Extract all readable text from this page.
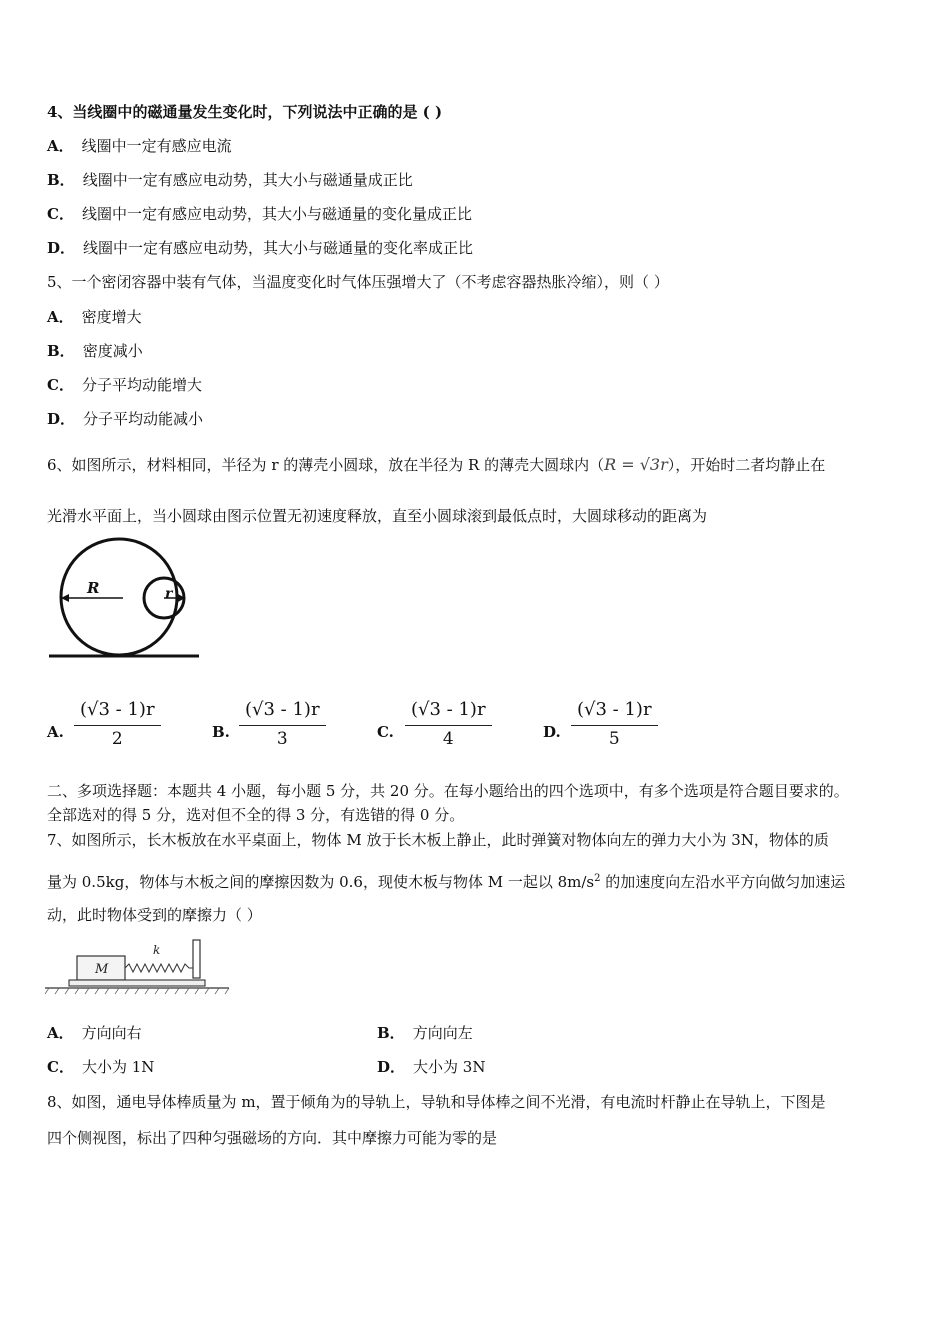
4、当线圈中的磁通量发生变化时，下列说法中正确的是 ( )
A． 线圈中一定有感应电流
B． 线圈中一定有感应电动势，其大小与磁通量成正比
C． 线圈中一定有感应电动势，其大小与磁通量的变化量成正比
D． 线圈中一定有感应电动势，其大小与磁通量的变化率成正比
5、一个密闭容器中装有气体，当温度变化时气体压强增大了（不考虑容器热胀冷缩），则（ ）
A． 密度增大
B． 密度减小
C． 分子平均动能增大
D． 分子平均动能减小
6、如图所示，材料相同，半径为 r 的薄壳小圆球，放在半径为 R 的薄壳大圆球内（R = √3r），开始时二者均静止在
光滑水平面上，当小圆球由图示位置无初速度释放，直至小圆球滚到最低点时，大圆球移动的距离为
R	r
A. $\frac{(√3 - 1)r}{2}$	B. $\frac{(√3 - 1)r}{3}$	C. $\frac{(√3 - 1)r}{4}$	D. $\frac{(√3 - 1)r}{5}$
二、多项选择题：本题共 4 小题，每小题 5 分，共 20 分。在每小题给出的四个选项中，有多个选项是符合题目要求的。
全部选对的得 5 分，选对但不全的得 3 分，有选错的得 0 分。
7、如图所示，长木板放在水平桌面上，物体 M 放于长木板上静止，此时弹簧对物体向左的弹力大小为 3N，物体的质
量为 0.5kg，物体与木板之间的摩擦因数为 0.6，现使木板与物体 M 一起以 $8m/s^2$ 的加速度向左沿水平方向做匀加速运
动，此时物体受到的摩擦力（ ）
M
k
A． 方向向右	B． 方向向左
C． 大小为 1N	D． 大小为 3N
8、如图，通电导体棒质量为 m，置于倾角为的导轨上，导轨和导体棒之间不光滑，有电流时杆静止在导轨上，下图是
四个侧视图，标出了四种匀强磁场的方向．其中摩擦力可能为零的是
